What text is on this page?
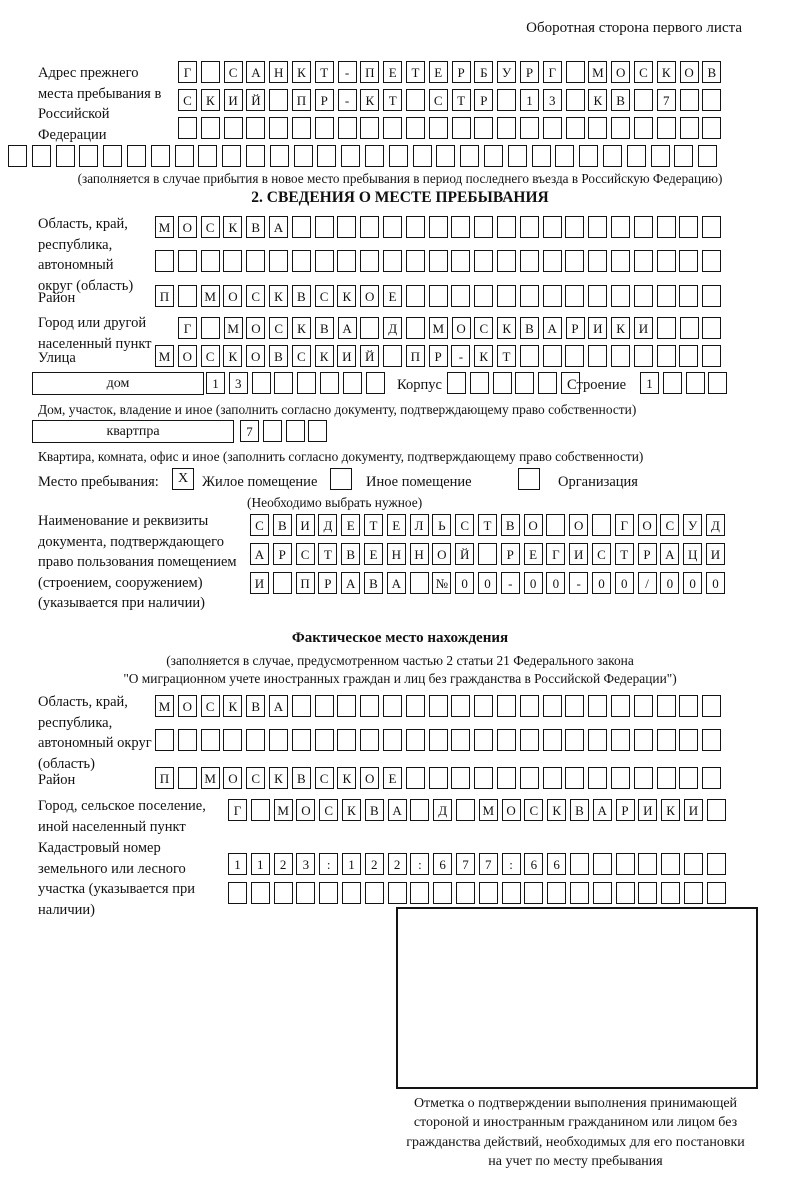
Оборотная сторона первого листа
Адрес прежнего места пребывания в Российской Федерации
Г	С	А	Н	К	Т	-	П	Е	Т	Е	Р	Б	У	Р	Г	М О	С	К	О	В
С	К	И	Й	П	Р	-	К	Т	С	Т	Р	1	3	К	В	7
(заполняется в случае прибытия в новое место пребывания в период последнего въезда в Российскую Федерацию)
2. СВЕДЕНИЯ О МЕСТЕ ПРЕБЫВАНИЯ
Область, край, республика, автономный округ (область)
М О	С	К	В	А
Район	П	М О	С	К	В	С	К	О	Е
Город или другой населенный пункт
Г	М О	С	К	В	А	Д	М О	С	К	В	А	Р	И	К	И
Улица	М О	С	К	О	В	С	К	И	Й	П	Р	-	К	Т
дом	1	3	Корпус	Строение	1
Дом, участок, владение и иное (заполнить согласно документу, подтверждающему право собственности)
квартпра	7
Квартира, комната, офис и иное (заполнить согласно документу, подтверждающему право собственности)
Место пребывания:	X Жилое помещение	Иное помещение	Организация
(Необходимо выбрать нужное)
Наименование и реквизиты документа, подтверждающего право пользования помещением (строением, сооружением) (указывается при наличии)
С	В	И	Д	Е	Т	Е	Л	Ь	С	Т	В	О	О	Г	О	С	У	Д
А	Р	С	Т	В	Е	Н	Н	О	Й	Р	Е	Г	И	С	Т	Р	А	Ц	И
И	П	Р	А	В	А	№	0	0	-	0	0	-	0	0	/	0	0	0
Фактическое место нахождения
(заполняется в случае, предусмотренном частью 2 статьи 21 Федерального закона
"О миграционном учете иностранных граждан и лиц без гражданства в Российской Федерации")
Область, край, республика, автономный округ (область)
М О	С	К	В	А
Район	П	М О	С	К	В	С	К	О	Е
Город, сельское поселение, иной населенный пункт
Г	М О	С	К	В	А	Д	М О	С	К	В	А	Р	И	К	И
Кадастровый номер земельного или лесного участка (указывается при наличии)
1	1	2	3	:	1	2	2	:	6	7	7	:	6	6
Отметка о подтверждении выполнения принимающей стороной и иностранным гражданином или лицом без гражданства действий, необходимых для его постановки на учет по месту пребывания
